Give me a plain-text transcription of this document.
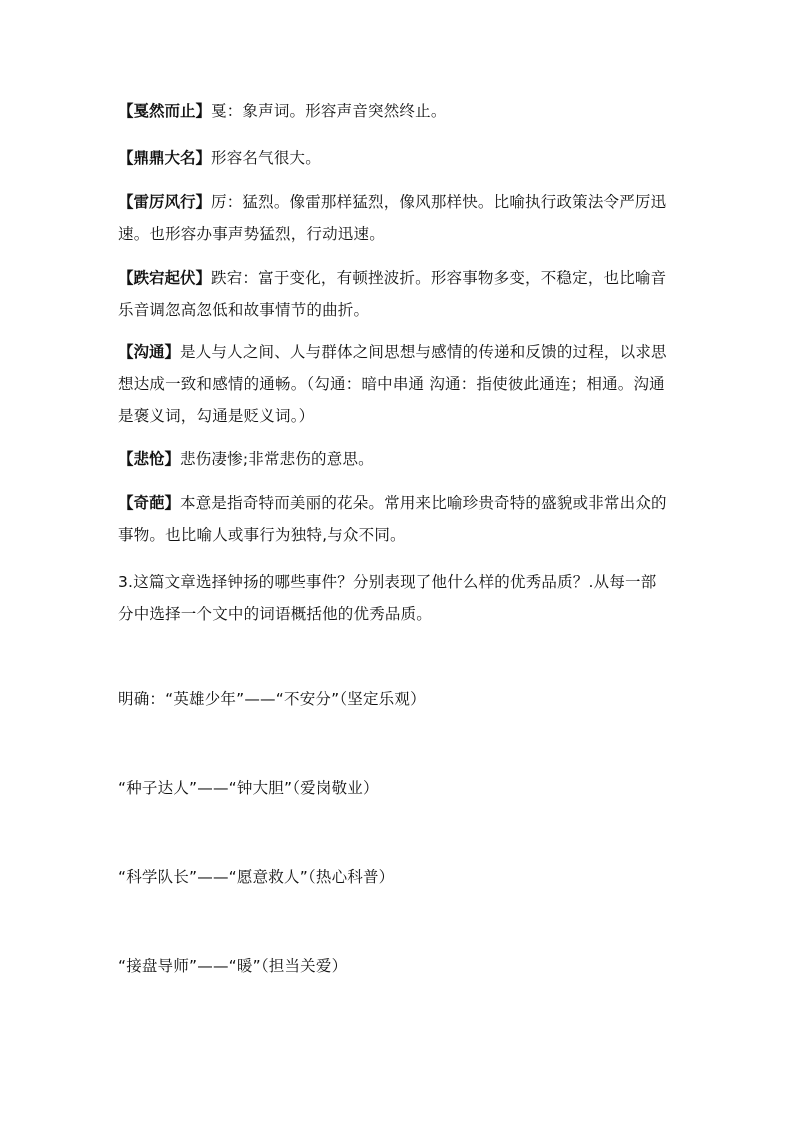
【戛然而止】戛：象声词。形容声音突然终止。
【鼎鼎大名】形容名气很大。
【雷厉风行】厉：猛烈。像雷那样猛烈，像风那样快。比喻执行政策法令严厉迅
速。也形容办事声势猛烈，行动迅速。
【跌宕起伏】跌宕：富于变化，有顿挫波折。形容事物多变，不稳定，也比喻音
乐音调忽高忽低和故事情节的曲折。
【沟通】是人与人之间、人与群体之间思想与感情的传递和反馈的过程，以求思
想达成一致和感情的通畅。（勾通：暗中串通 沟通：指使彼此通连；相通。沟通
是褒义词，勾通是贬义词。）
【悲怆】悲伤凄惨;非常悲伤的意思。
【奇葩】本意是指奇特而美丽的花朵。常用来比喻珍贵奇特的盛貌或非常出众的
事物。也比喻人或事行为独特,与众不同。
3.这篇文章选择钟扬的哪些事件？分别表现了他什么样的优秀品质？.从每一部
分中选择一个文中的词语概括他的优秀品质。
明确：“英雄少年”——“不安分”（坚定乐观）
“种子达人”——“钟大胆”（爱岗敬业）
“科学队长”——“愿意救人”（热心科普）
“接盘导师”——“暖”（担当关爱）
